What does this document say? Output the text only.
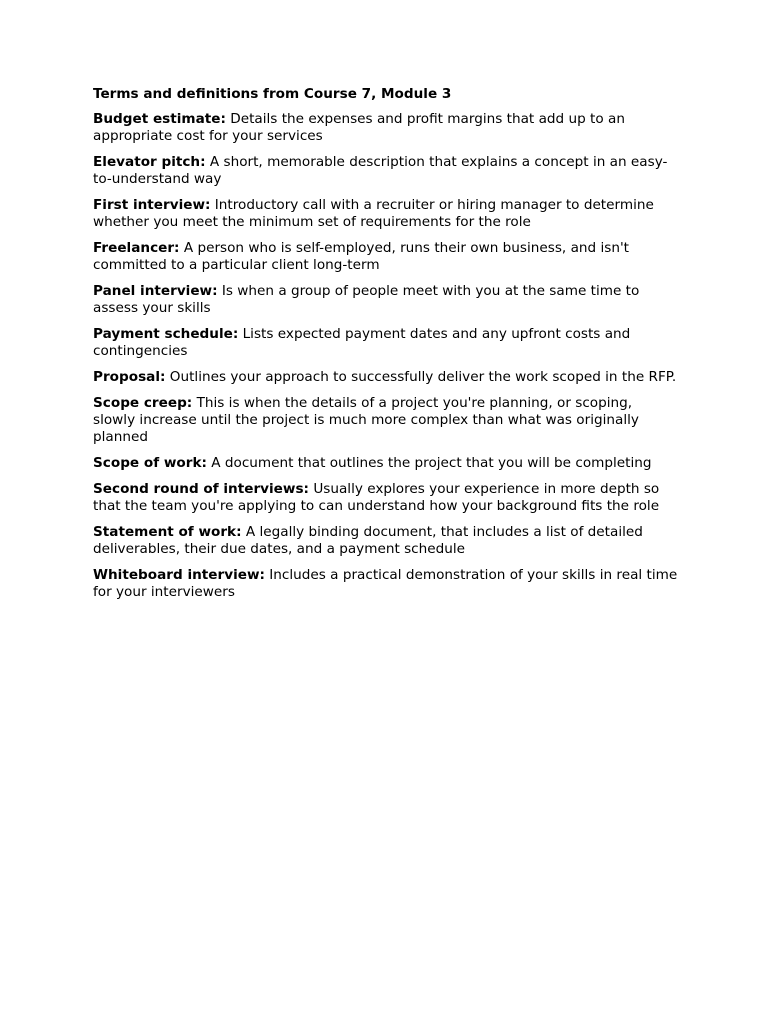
Terms and definitions from Course 7, Module 3
Budget estimate: Details the expenses and profit margins that add up to an appropriate cost for your services
Elevator pitch: A short, memorable description that explains a concept in an easy-to-understand way
First interview: Introductory call with a recruiter or hiring manager to determine whether you meet the minimum set of requirements for the role
Freelancer: A person who is self-employed, runs their own business, and isn't committed to a particular client long-term
Panel interview: Is when a group of people meet with you at the same time to assess your skills
Payment schedule: Lists expected payment dates and any upfront costs and contingencies
Proposal: Outlines your approach to successfully deliver the work scoped in the RFP.
Scope creep: This is when the details of a project you're planning, or scoping, slowly increase until the project is much more complex than what was originally planned
Scope of work: A document that outlines the project that you will be completing
Second round of interviews: Usually explores your experience in more depth so that the team you're applying to can understand how your background fits the role
Statement of work: A legally binding document, that includes a list of detailed deliverables, their due dates, and a payment schedule
Whiteboard interview: Includes a practical demonstration of your skills in real time for your interviewers
